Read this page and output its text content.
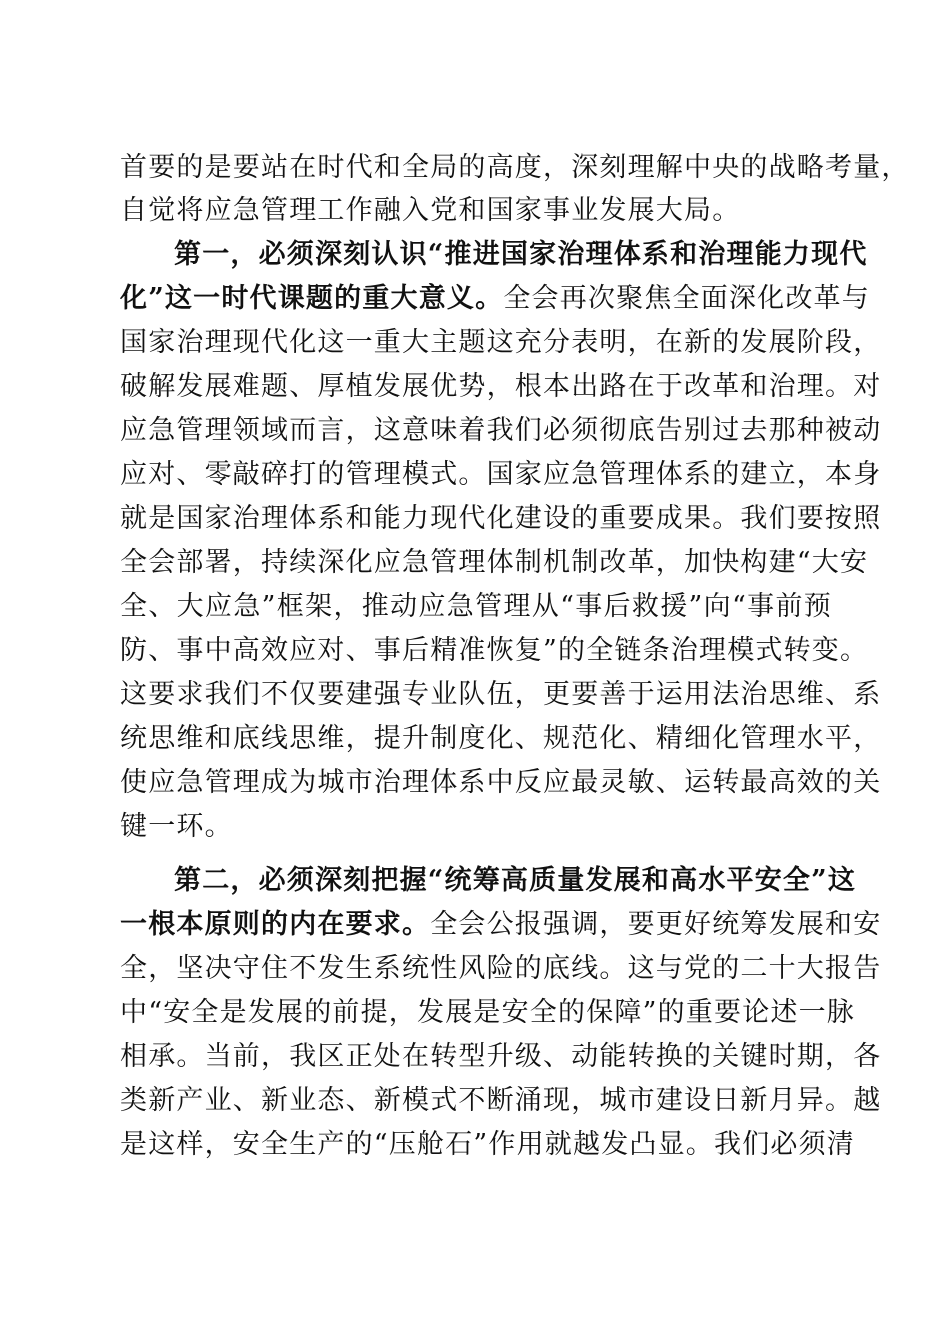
首要的是要站在时代和全局的高度，深刻理解中央的战略考量，
自觉将应急管理工作融入党和国家事业发展大局。
第一，必须深刻认识“推进国家治理体系和治理能力现代
化”这一时代课题的重大意义。全会再次聚焦全面深化改革与
国家治理现代化这一重大主题这充分表明，在新的发展阶段，
破解发展难题、厚植发展优势，根本出路在于改革和治理。对
应急管理领域而言，这意味着我们必须彻底告别过去那种被动
应对、零敲碎打的管理模式。国家应急管理体系的建立，本身
就是国家治理体系和能力现代化建设的重要成果。我们要按照
全会部署，持续深化应急管理体制机制改革，加快构建“大安
全、大应急”框架，推动应急管理从“事后救援”向“事前预
防、事中高效应对、事后精准恢复”的全链条治理模式转变。
这要求我们不仅要建强专业队伍，更要善于运用法治思维、系
统思维和底线思维，提升制度化、规范化、精细化管理水平，
使应急管理成为城市治理体系中反应最灵敏、运转最高效的关
键一环。
第二，必须深刻把握“统筹高质量发展和高水平安全”这
一根本原则的内在要求。全会公报强调，要更好统筹发展和安
全，坚决守住不发生系统性风险的底线。这与党的二十大报告
中“安全是发展的前提，发展是安全的保障”的重要论述一脉
相承。当前，我区正处在转型升级、动能转换的关键时期，各
类新产业、新业态、新模式不断涌现，城市建设日新月异。越
是这样，安全生产的“压舱石”作用就越发凸显。我们必须清
